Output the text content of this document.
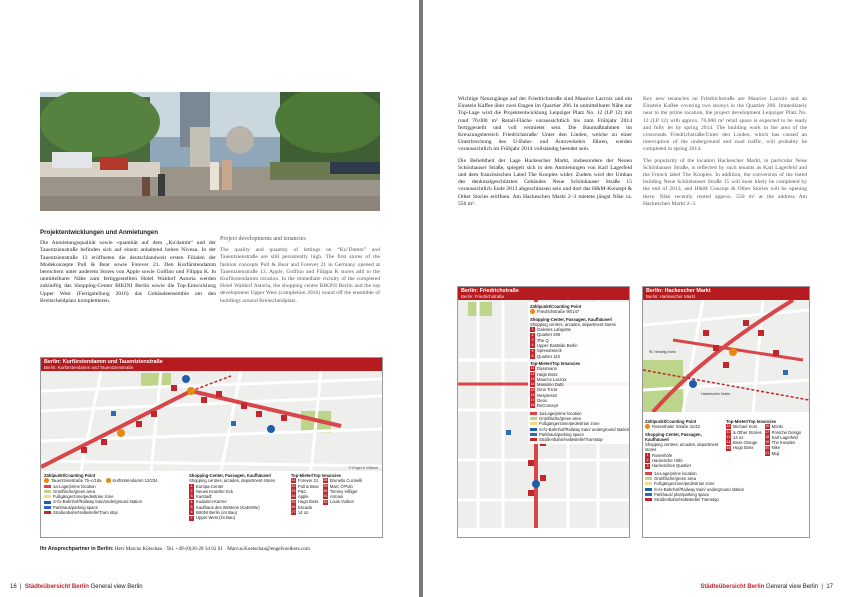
Projektentwicklungen und Anmietungen

Die Anmietungsqualität sowie -quantität auf dem „Ku'damm“ und der Tauentzienstraße befinden sich auf einem anhaltend hohen Niveau. In der Tauentzienstraße 13 eröffneten die deutschlandweit ersten Filialen der Modekonzepte Pull & Bear sowie Forever 21. Den Kurfürstendamm bereichern unter anderem Stores von Apple sowie Golfino und Filippa K. In unmittelbarer Nähe zum fertiggestellten Hotel Waldorf Astoria werden zukünftig das Shopping-Center BIKINI Berlin sowie die Top-Entwicklung Upper West (Fertigstellung 2016) das Gebäudeensemble um den Breitscheidplatz komplettieren.

Project developments and tenancies

The quality and quantity of lettings on “Ku’Damm” and Tauentzienstraße are still persistently high. The first stores of the fashion concepts Pull & Bear and Forever 21 in Germany opened at Tauentzienstraße 13. Apple, Golfino and Filippa K stores add to the Kurfürstendamm location. In the immediate vicinity of the completed Hotel Waldorf Astoria, the shopping centre BIKINI Berlin and the top development Upper West (completion 2016) round off the ensemble of buildings around Breitscheidplatz.

Berlin: Kurfürstendamm und Tauentzienstraße
Berlin: Kurfürstendamm and Tauentzienstraße
© Engel & Völkers
Zählpunkt/Counting Point
Tauentzienstraße 7b–c/18a	Kurfürstendamm 12/234
1a-Lage/prime location
Grünfläche/green area
Fußgängerzone/pedestrian zone
S-/U-Bahnhof/Railway train/underground station
Parkhaus/parking space
Straßenbahn/Haltestelle/Tram stop
Shopping-Center, Passagen, Kaufhäuser/
Shopping centres, arcades, department stores
1 Europa-Center
2 Neues Kranzler Eck
3 Karstadt
4 Kudamm-Karree
5 Kaufhaus des Westens (KaDeWe)
6 BIKINI Berlin (im Bau)
7 Upper West (im Bau)
Top-Mieter/Top tenancies
21 Forever 21
22 Pull & Bear
23 P&C
24 Apple
25 Hugo Boss
26 Escada
27 14 oz.
28 Brunello Cucinelli
29 Marc O'Polo
30 Tommy Hilfiger
31 Armani
32 Louis Vuitton
Ihr Ansprechpartner in Berlin: Herr Marcus Kötschau · Tel. +49-(0)30-20 34 62 01 · Marcus.Koetschau@engelvoelkers.com
16  |  Städteübersicht Berlin General view Berlin

Wichtige Neuzugänge auf der Friedrichstraße sind Maurice Lacroix und ein Einstein Kaffee über zwei Etagen im Quartier 206. In unmittelbarer Nähe zur Top-Lage wird die Projektentwicklung Leipziger Platz No. 12 (LP 12) mit rund 76.000 m² Retail-Fläche voraussichtlich bis zum Frühjahr 2014 fertiggestellt und voll vermietet sein. Die Baumaßnahmen im Kreuzungsbereich Friedrichstraße/ Unter den Linden, welche zu einer Unterbrechung des U-Bahn- und Autoverkehrs führen, werden voraussichtlich im Frühjahr 2014 vollständig beendet sein.

Die Beliebtheit der Lage Hackescher Markt, insbesondere der Neuen Schönhauser Straße, spiegelt sich in den Anmietungen von Karl Lagerfeld und dem französischen Label The Kooples wider. Zudem wird der Umbau des denkmalgeschützten Gebäudes Neue Schönhauser Straße 15 voraussichtlich Ende 2013 abgeschlossen sein und dort das H&M-Konzept & Other Stories eröffnen. Am Hackeschen Markt 2–3 mietete jüngst Nike ca. 550 m².

Key new tenancies on Friedrichstraße are Maurice Lacroix and an Einstein Kaffee covering two storeys in the Quartier 206. Immediately near to the prime location, the project development Leipziger Platz No. 12 (LP 12) with approx. 76,000 m² retail space is expected to be ready and fully let by spring 2014. The building work in the area of the crossroads Friedrichstraße/Unter den Linden, which has caused an interruption of the underground and road traffic, will probably be completed in spring 2014.

The popularity of the location Hackescher Markt, in particular Neue Schönhauser Straße, is reflected by such tenants as Karl Lagerfeld and the French label The Kooples. In addition, the conversion of the listed building Neue Schönhauser Straße 15 will most likely be completed by the end of 2013, and H&M Concept & Other Stories will be opening there. Nike recently rented approx. 550 m² at the address Am Hackeschen Markt 2–3.

Berlin: Friedrichstraße
Berlin: Friedrichstraße
Zählpunkt/Counting Point
Friedrichstraße 90/147
Shopping-Center, Passagen, Kaufhäuser/
Shopping centres, arcades, department stores
1 Galeries Lafayette
2 Quartier 206
3 The Q
4 Upper Eastside Berlin
5 Spreedreieck
6 Quartier 110
Top-Mieter/Top tenancies
11 Dussmann
12 Hugo Boss
13 Maurice Lacroix
14 Massimo Dutti
15 Gina Tricot
16 Nespresso
17 Geox
18 ReConcept
1a-Lage/prime location
Grünfläche/green area
Fußgängerzone/pedestrian zone
S-/U-Bahnhof/Railway train/ underground station
Parkhaus/parking space
Straßenbahn/Haltestelle/Tramstop
Berlin: Hackescher Markt
Berlin: Hackescher Markt
St. Hedwig-Kreis
Hackescher Markt
Zählpunkt/Counting Point
Rosenthaler Straße 41/42
Shopping-Center, Passagen, Kaufhäuser/
Shopping centres, arcades, department stores
1 Rosenhöfe
2 Hackesche Höfe
3 Hackesches Quartier
1a-Lage/prime location
Grünfläche/green area
Fußgängerzone/pedestrian zone
S-/U-Bahnhof/Railway train/ underground station
Parkhaus/ plan/parking space
Straßenbahn/Haltestelle/ Tramstop
Top-Mieter/Top tenancies
11 Michael Kors
12 & Other Stories
13 14 oz.
14 Boss Orange
15 Hugo Boss
16 Monki
17 Porsche Design
18 Karl Lagerfeld
19 The Kooples
20 Nike
21 Muji
Städteübersicht Berlin General view Berlin  |  17
